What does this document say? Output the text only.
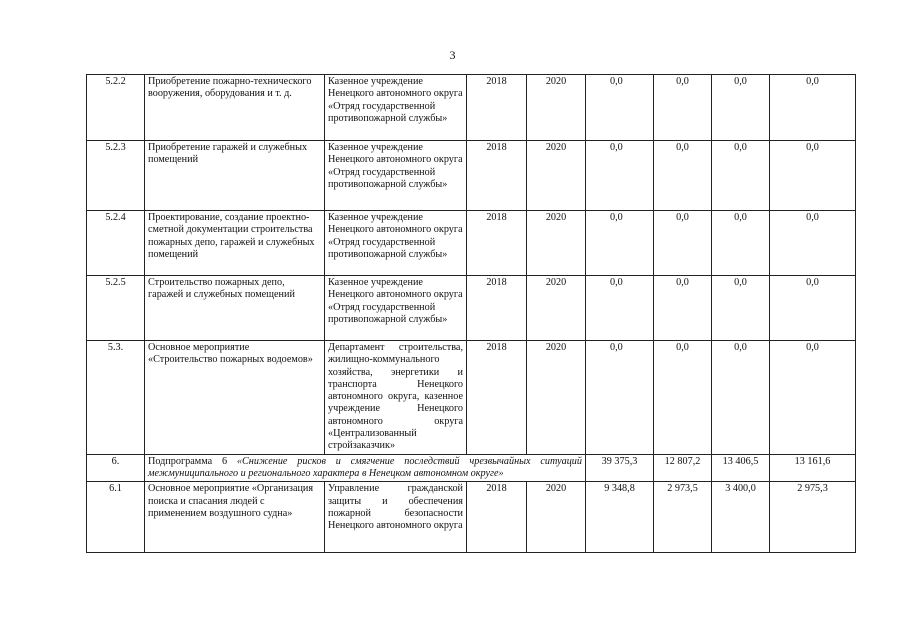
3
5.2.2	Приобретение пожарно-технического вооружения, оборудования и т. д.	Казенное учреждение Ненецкого автономного округа «Отряд государственной противопожарной службы»	2018	2020	0,0	0,0	0,0	0,0
5.2.3	Приобретение гаражей и служебных помещений	Казенное учреждение Ненецкого автономного округа «Отряд государственной противопожарной службы»	2018	2020	0,0	0,0	0,0	0,0
5.2.4	Проектирование, создание проектно-сметной документации строительства пожарных депо, гаражей и служебных помещений	Казенное учреждение Ненецкого автономного округа «Отряд государственной противопожарной службы»	2018	2020	0,0	0,0	0,0	0,0
5.2.5	Строительство пожарных депо, гаражей и служебных помещений	Казенное учреждение Ненецкого автономного округа «Отряд государственной противопожарной службы»	2018	2020	0,0	0,0	0,0	0,0
5.3.	Основное мероприятие «Строительство пожарных водоемов»	Департамент строительства, жилищно-коммунального хозяйства, энергетики и транспорта Ненецкого автономного округа, казенное учреждение Ненецкого автономного округа «Централизованный стройзаказчик»	2018	2020	0,0	0,0	0,0	0,0
6.	Подпрограмма 6 «Снижение рисков и смягчение последствий чрезвычайных ситуаций межмуниципального и регионального характера в Ненецком автономном округе»				39 375,3	12 807,2	13 406,5	13 161,6
6.1	Основное мероприятие «Организация поиска и спасания людей с применением воздушного судна»	Управление гражданской защиты и обеспечения пожарной безопасности Ненецкого автономного округа	2018	2020	9 348,8	2 973,5	3 400,0	2 975,3
